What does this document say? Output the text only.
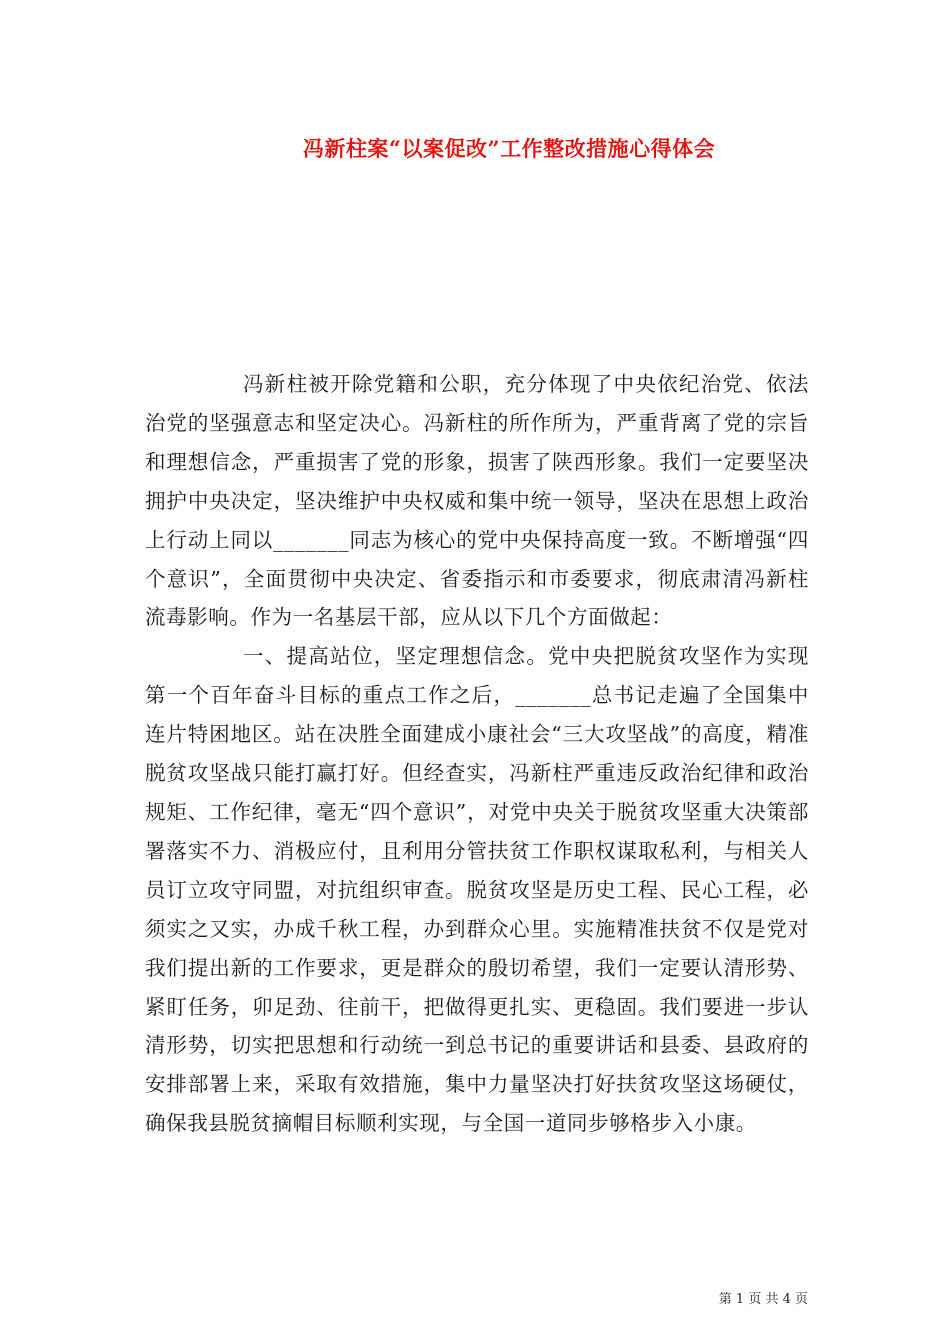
冯新柱案“以案促改”工作整改措施心得体会

冯新柱被开除党籍和公职，充分体现了中央依纪治党、依法治党的坚强意志和坚定决心。冯新柱的所作所为，严重背离了党的宗旨和理想信念，严重损害了党的形象，损害了陕西形象。我们一定要坚决拥护中央决定，坚决维护中央权威和集中统一领导，坚决在思想上政治上行动上同以_______同志为核心的党中央保持高度一致。不断增强“四个意识”，全面贯彻中央决定、省委指示和市委要求，彻底肃清冯新柱流毒影响。作为一名基层干部，应从以下几个方面做起：

一、提高站位，坚定理想信念。党中央把脱贫攻坚作为实现第一个百年奋斗目标的重点工作之后，_______总书记走遍了全国集中连片特困地区。站在决胜全面建成小康社会“三大攻坚战”的高度，精准脱贫攻坚战只能打赢打好。但经查实，冯新柱严重违反政治纪律和政治规矩、工作纪律，毫无“四个意识”，对党中央关于脱贫攻坚重大决策部署落实不力、消极应付，且利用分管扶贫工作职权谋取私利，与相关人员订立攻守同盟，对抗组织审查。脱贫攻坚是历史工程、民心工程，必须实之又实，办成千秋工程，办到群众心里。实施精准扶贫不仅是党对我们提出新的工作要求，更是群众的殷切希望，我们一定要认清形势、紧盯任务，卯足劲、往前干，把做得更扎实、更稳固。我们要进一步认清形势，切实把思想和行动统一到总书记的重要讲话和县委、县政府的安排部署上来，采取有效措施，集中力量坚决打好扶贫攻坚这场硬仗，确保我县脱贫摘帽目标顺利实现，与全国一道同步够格步入小康。

第 1 页 共 4 页
